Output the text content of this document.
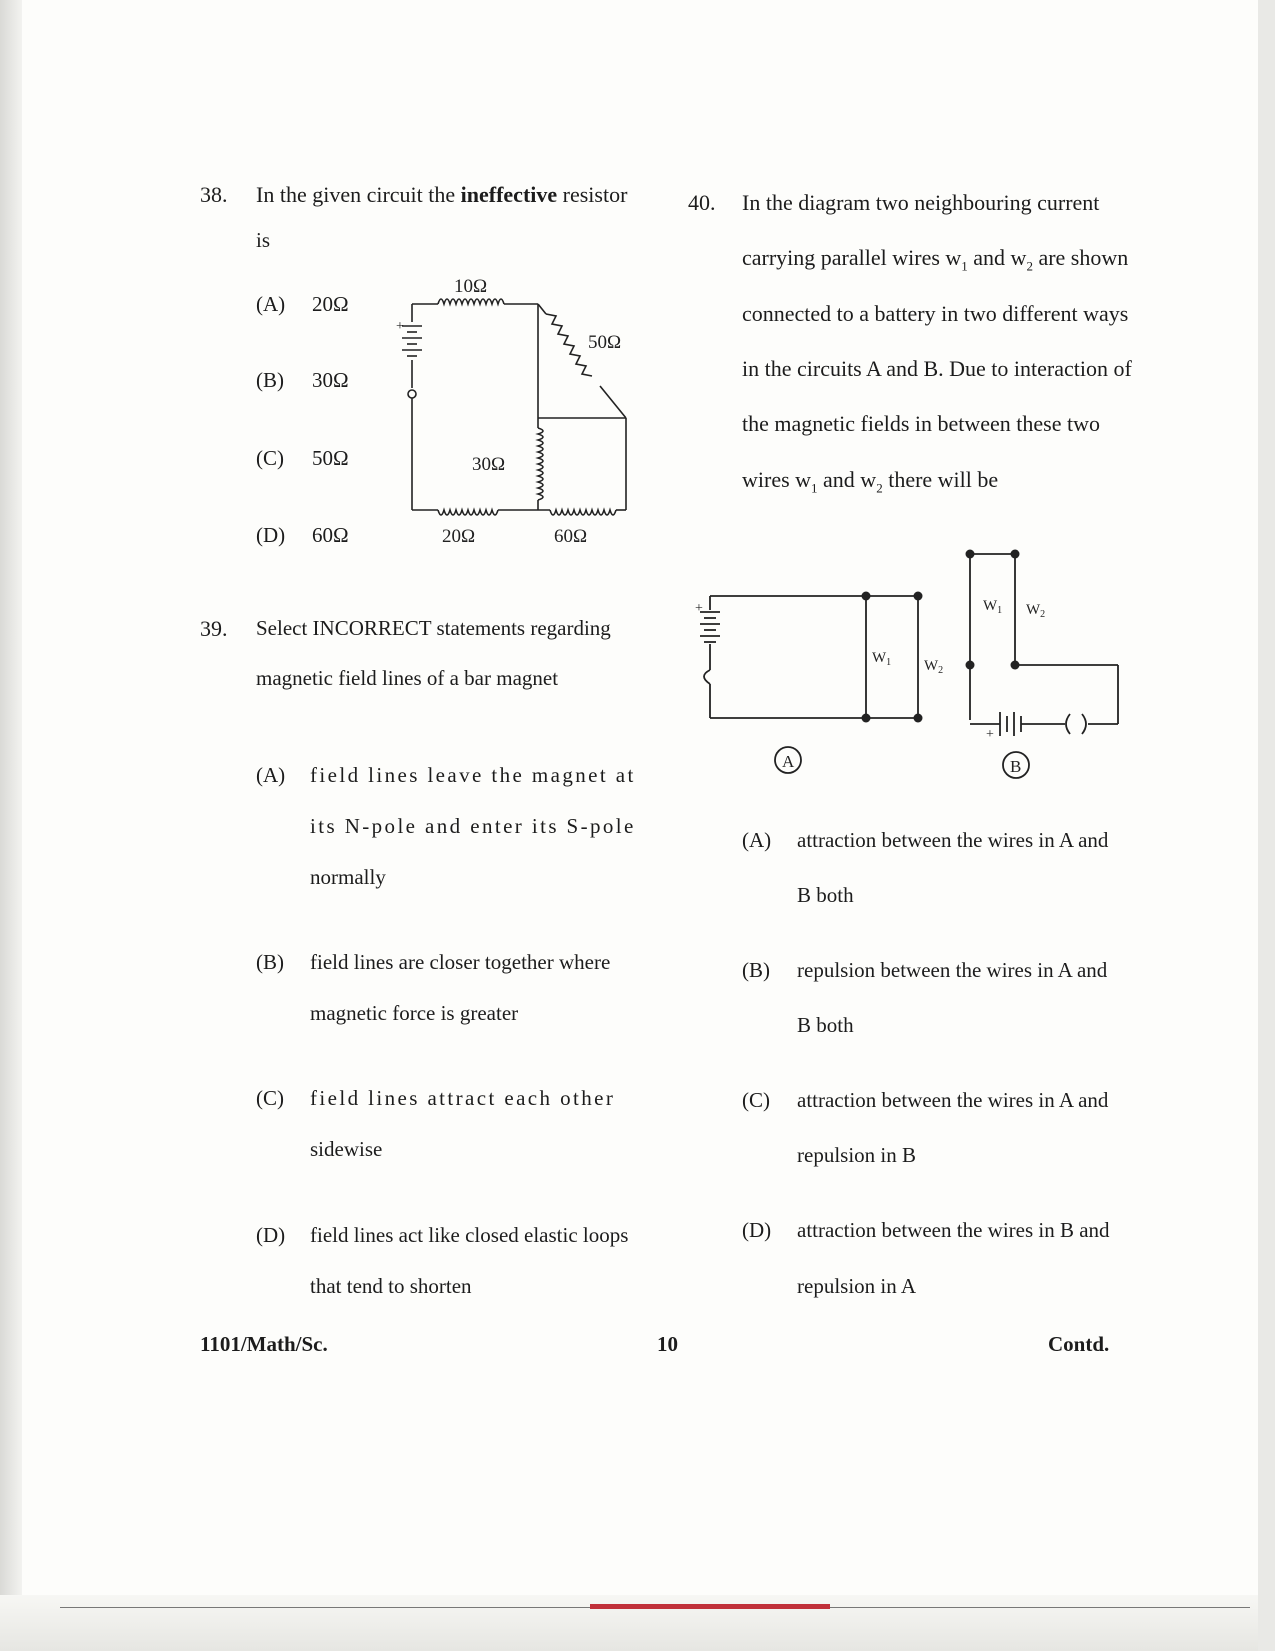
38. In the given circuit the ineffective resistor
is
(A) 20Ω
(B) 30Ω
(C) 50Ω
(D) 60Ω
+
10Ω
50Ω
30Ω
20Ω	60Ω
39. Select INCORRECT statements regarding
magnetic field lines of a bar magnet
(A) field lines leave the magnet at
its N-pole and enter its S-pole
normally
(B) field lines are closer together where
magnetic force is greater
(C) field lines attract each other
sidewise
(D) field lines act like closed elastic loops
that tend to shorten
40. In the diagram two neighbouring current
carrying parallel wires $w_1$ and $w_2$ are shown
connected to a battery in two different ways
in the circuits A and B. Due to interaction of
the magnetic fields in between these two
wires $w_1$ and $w_2$ there will be
+
+
$W_1$ $W_2$
$W_1$ $W_2$
A	B
(A) attraction between the wires in A and
B both
(B) repulsion between the wires in A and
B both
(C) attraction between the wires in A and
repulsion in B
(D) attraction between the wires in B and
repulsion in A
1101/Math/Sc.	10	Contd.
